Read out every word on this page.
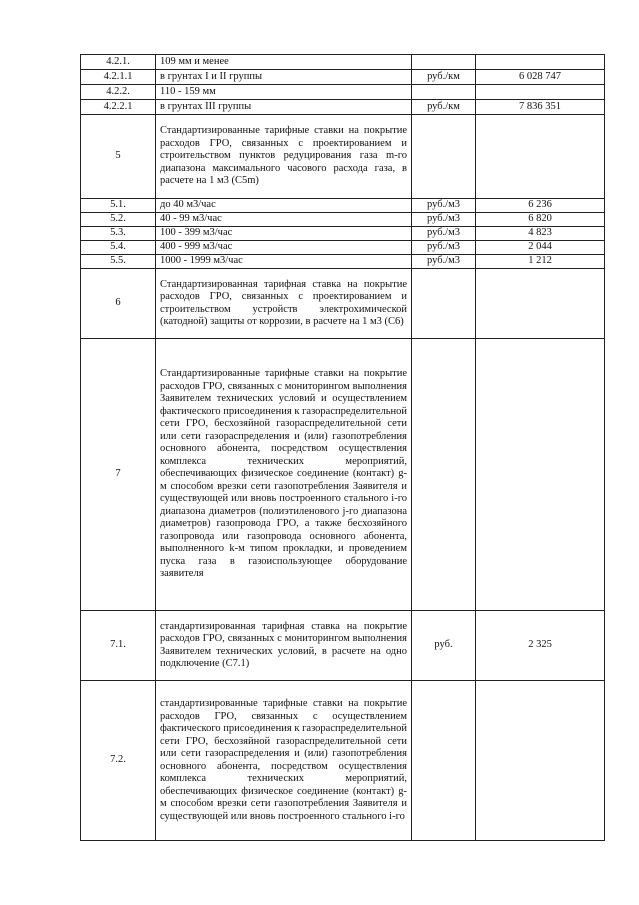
4.2.1.	109 мм и менее		
4.2.1.1	в грунтах I и II группы	руб./км	6 028 747
4.2.2.	110 - 159 мм		
4.2.2.1	в грунтах III группы	руб./км	7 836 351
5	Стандартизированные тарифные ставки на покрытие расходов ГРО, связанных с проектированием и строительством пунктов редуцирования газа m-го диапазона максимального часового расхода газа, в расчете на 1 м3 (С5m)		
5.1.	до 40 м3/час	руб./м3	6 236
5.2.	40 - 99 м3/час	руб./м3	6 820
5.3.	100 - 399 м3/час	руб./м3	4 823
5.4.	400 - 999 м3/час	руб./м3	2 044
5.5.	1000 - 1999 м3/час	руб./м3	1 212
6	Стандартизированная тарифная ставка на покрытие расходов ГРО, связанных с проектированием и строительством устройств электрохимической (катодной) защиты от коррозии, в расчете на 1 м3 (С6)		
7	Стандартизированные тарифные ставки на покрытие расходов ГРО, связанных с мониторингом выполнения Заявителем технических условий и осуществлением фактического присоединения к газораспределительной сети ГРО, бесхозяйной газораспределительной сети или сети газораспределения и (или) газопотребления основного абонента, посредством осуществления комплекса технических мероприятий, обеспечивающих физическое соединение (контакт) g-м способом врезки сети газопотребления Заявителя и существующей или вновь построенного стального i-го диапазона диаметров (полиэтиленового j-го диапазона диаметров) газопровода ГРО, а также бесхозяйного газопровода или газопровода основного абонента, выполненного k-м типом прокладки, и проведением пуска газа в газоиспользующее оборудование заявителя		
7.1.	стандартизированная тарифная ставка на покрытие расходов ГРО, связанных с мониторингом выполнения Заявителем технических условий, в расчете на одно подключение (С7.1)	руб.	2 325
7.2.	стандартизированные тарифные ставки на покрытие расходов ГРО, связанных с осуществлением фактического присоединения к газораспределительной сети ГРО, бесхозяйной газораспределительной сети или сети газораспределения и (или) газопотребления основного абонента, посредством осуществления комплекса технических мероприятий, обеспечивающих физическое соединение (контакт) g-м способом врезки сети газопотребления Заявителя и существующей или вновь построенного стального i-го		
